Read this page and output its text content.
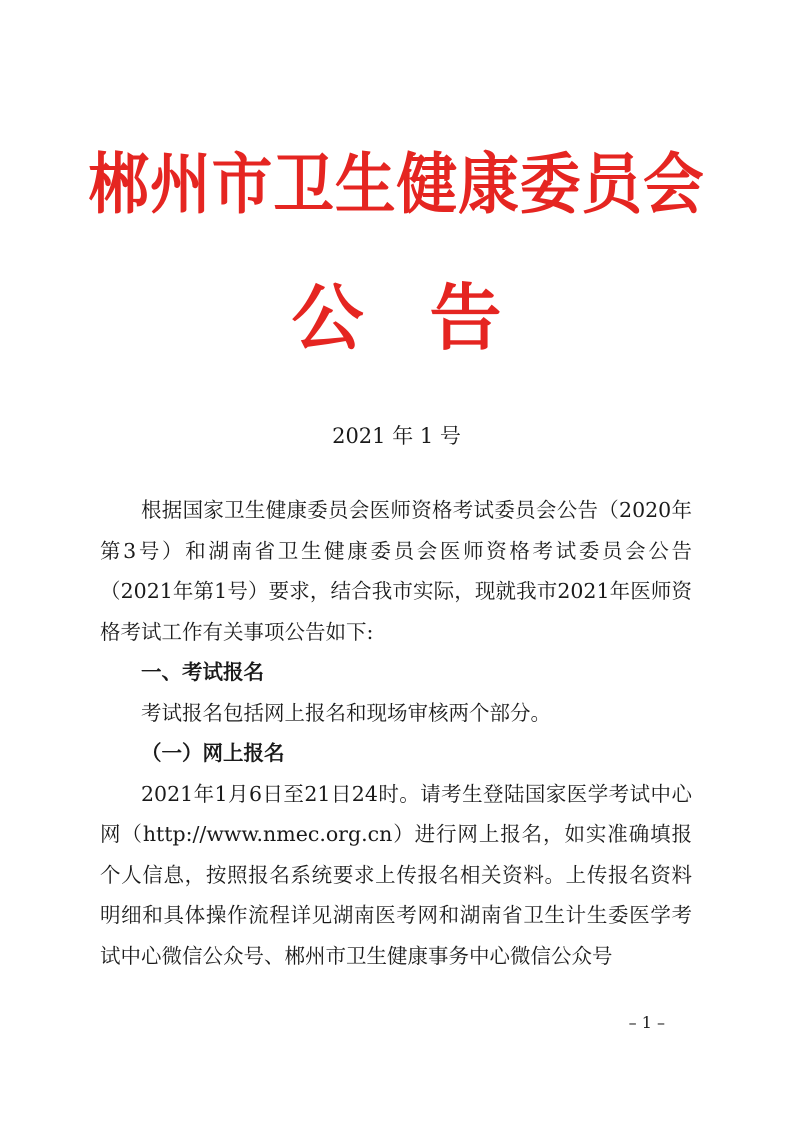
郴州市卫生健康委员会
公 告
2021 年 1 号

根据国家卫生健康委员会医师资格考试委员会公告（2020年第3号）和湖南省卫生健康委员会医师资格考试委员会公告（2021年第1号）要求，结合我市实际，现就我市2021年医师资格考试工作有关事项公告如下:

一、考试报名

考试报名包括网上报名和现场审核两个部分。

（一）网上报名

2021年1月6日至21日24时。请考生登陆国家医学考试中心网（http://www.nmec.org.cn）进行网上报名，如实准确填报个人信息，按照报名系统要求上传报名相关资料。上传报名资料明细和具体操作流程详见湖南医考网和湖南省卫生计生委医学考试中心微信公众号、郴州市卫生健康事务中心微信公众号

– 1 –
